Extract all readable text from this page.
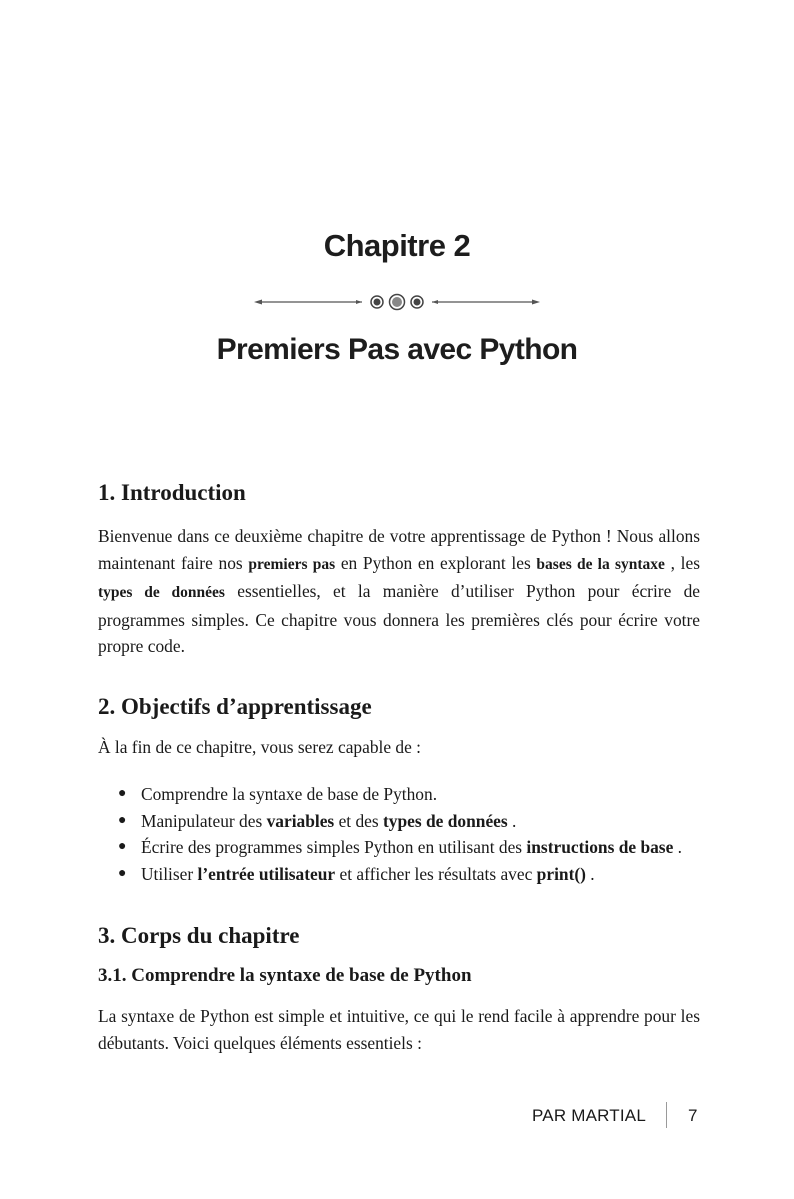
Chapitre 2
Premiers Pas avec Python
1. Introduction

Bienvenue dans ce deuxième chapitre de votre apprentissage de Python ! Nous allons maintenant faire nos premiers pas en Python en explorant les bases de la syntaxe , les types de données essentielles, et la manière d’utiliser Python pour écrire de programmes simples. Ce chapitre vous donnera les premières clés pour écrire votre propre code.

2. Objectifs d’apprentissage

À la fin de ce chapitre, vous serez capable de :

● Comprendre la syntaxe de base de Python.
● Manipulateur des variables et des types de données .
● Écrire des programmes simples Python en utilisant des instructions de base .
● Utiliser l’entrée utilisateur et afficher les résultats avec print() .
3. Corps du chapitre
3.1. Comprendre la syntaxe de base de Python

La syntaxe de Python est simple et intuitive, ce qui le rend facile à apprendre pour les débutants. Voici quelques éléments essentiels :

PAR MARTIAL 7
